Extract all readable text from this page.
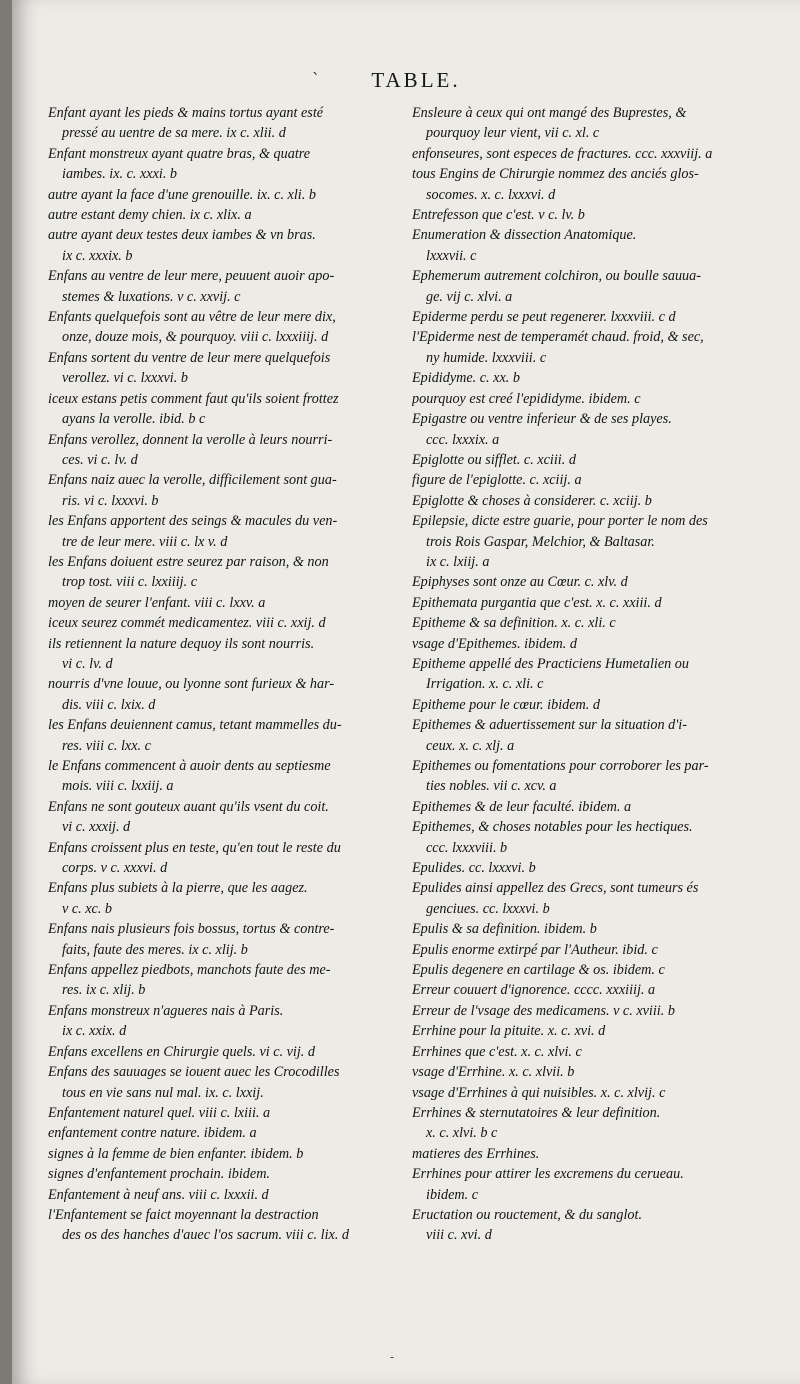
` TABLE.
Enfant ayant les pieds & mains tortus ayant esté
pressé au uentre de sa mere. ix c. xlii. d
Enfant monstreux ayant quatre bras, & quatre
iambes. ix. c. xxxi. b
autre ayant la face d'une grenouille. ix. c. xli. b
autre estant demy chien. ix c. xlix. a
autre ayant deux testes deux iambes & vn bras.
ix c. xxxix. b
Enfans au ventre de leur mere, peuuent auoir apo-
stemes & luxations. v c. xxvij. c
Enfants quelquefois sont au vêtre de leur mere dix,
onze, douze mois, & pourquoy. viii c. lxxxiiij. d
Enfans sortent du ventre de leur mere quelquefois
verollez. vi c. lxxxvi. b
iceux estans petis comment faut qu'ils soient frottez
ayans la verolle. ibid. b c
Enfans verollez, donnent la verolle à leurs nourri-
ces. vi c. lv. d
Enfans naiz auec la verolle, difficilement sont gua-
ris. vi c. lxxxvi. b
les Enfans apportent des seings & macules du ven-
tre de leur mere. viii c. lx v. d
les Enfans doiuent estre seurez par raison, & non
trop tost. viii c. lxxiiij. c
moyen de seurer l'enfant. viii c. lxxv. a
iceux seurez commét medicamentez. viii c. xxij. d
ils retiennent la nature dequoy ils sont nourris.
vi c. lv. d
nourris d'vne louue, ou lyonne sont furieux & har-
dis. viii c. lxix. d
les Enfans deuiennent camus, tetant mammelles du-
res. viii c. lxx. c
le Enfans commencent à auoir dents au septiesme
mois. viii c. lxxiij. a
Enfans ne sont gouteux auant qu'ils vsent du coit.
vi c. xxxij. d
Enfans croissent plus en teste, qu'en tout le reste du
corps. v c. xxxvi. d
Enfans plus subiets à la pierre, que les aagez.
v c. xc. b
Enfans nais plusieurs fois bossus, tortus & contre-
faits, faute des meres. ix c. xlij. b
Enfans appellez piedbots, manchots faute des me-
res. ix c. xlij. b
Enfans monstreux n'agueres nais à Paris.
ix c. xxix. d
Enfans excellens en Chirurgie quels. vi c. vij. d
Enfans des sauuages se iouent auec les Crocodilles
tous en vie sans nul mal. ix. c. lxxij.
Enfantement naturel quel. viii c. lxiii. a
enfantement contre nature. ibidem. a
signes à la femme de bien enfanter. ibidem. b
signes d'enfantement prochain. ibidem.
Enfantement à neuf ans. viii c. lxxxii. d
l'Enfantement se faict moyennant la destraction
des os des hanches d'auec l'os sacrum. viii c. lix. d
Ensleure à ceux qui ont mangé des Buprestes, &
pourquoy leur vient, vii c. xl. c
enfonseures, sont especes de fractures. ccc. xxxviij. a
tous Engins de Chirurgie nommez des anciés glos-
socomes. x. c. lxxxvi. d
Entrefesson que c'est. v c. lv. b
Enumeration & dissection Anatomique.
lxxxvii. c
Ephemerum autrement colchiron, ou boulle sauua-
ge. vij c. xlvi. a
Epiderme perdu se peut regenerer. lxxxviii. c d
l'Epiderme nest de temperamét chaud. froid, & sec,
ny humide. lxxxviii. c
Epididyme. c. xx. b
pourquoy est creé l'epididyme. ibidem. c
Epigastre ou ventre inferieur & de ses playes.
ccc. lxxxix. a
Epiglotte ou sifflet. c. xciii. d
figure de l'epiglotte. c. xciij. a
Epiglotte & choses à considerer. c. xciij. b
Epilepsie, dicte estre guarie, pour porter le nom des
trois Rois Gaspar, Melchior, & Baltasar.
ix c. lxiij. a
Epiphyses sont onze au Cœur. c. xlv. d
Epithemata purgantia que c'est. x. c. xxiii. d
Epitheme & sa definition. x. c. xli. c
vsage d'Epithemes. ibidem. d
Epitheme appellé des Practiciens Humetalien ou
Irrigation. x. c. xli. c
Epitheme pour le cœur. ibidem. d
Epithemes & aduertissement sur la situation d'i-
ceux. x. c. xlj. a
Epithemes ou fomentations pour corroborer les par-
ties nobles. vii c. xcv. a
Epithemes & de leur faculté. ibidem. a
Epithemes, & choses notables pour les hectiques.
ccc. lxxxviii. b
Epulides. cc. lxxxvi. b
Epulides ainsi appellez des Grecs, sont tumeurs és
genciues. cc. lxxxvi. b
Epulis & sa definition. ibidem. b
Epulis enorme extirpé par l'Autheur. ibid. c
Epulis degenere en cartilage & os. ibidem. c
Erreur couuert d'ignorence. cccc. xxxiiij. a
Erreur de l'vsage des medicamens. v c. xviii. b
Errhine pour la pituite. x. c. xvi. d
Errhines que c'est. x. c. xlvi. c
vsage d'Errhine. x. c. xlvii. b
vsage d'Errhines à qui nuisibles. x. c. xlvij. c
Errhines & sternutatoires & leur definition.
x. c. xlvi. b c
matieres des Errhines.
Errhines pour attirer les excremens du cerueau.
ibidem. c
Eructation ou rouctement, & du sanglot.
viii c. xvi. d
-
